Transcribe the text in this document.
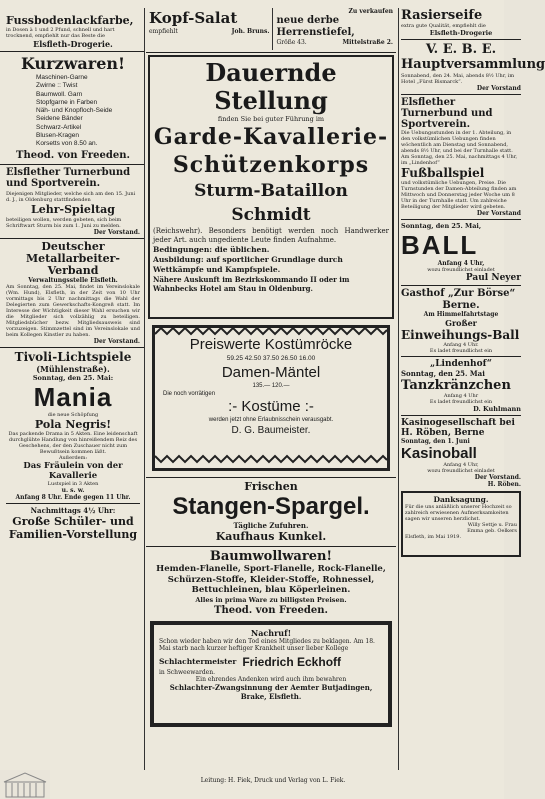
Fussbodenlackfarbe,
in Dosen à 1 und 2 Pfund, schnell und hart trocknend, empfiehlt nur das Beste die
Elsfleth-Drogerie.
Kurzwaren!
Maschinen-Garne
Zwirne :: Twist
Baumwoll. Garn
Stopfgarne in Farben
Näh- und Knopfloch-Seide
Seidene Bänder
Schwarz-Artikel
Blusen-Kragen
Korsetts von 8.50 an.
Theod. von Freeden.
Elsflether Turnerbund und Sportverein.
Diejenigen Mitglieder, welche sich am den 15. Juni d. J., in Oldenburg stattfindenden
Lehr-Spieltag
beteiligen wollen, werden gebeten, sich beim Schriftwart Sturm bis zum 1. Juni zu melden.
Der Vorstand.
Deutscher Metallarbeiter-Verband
Verwaltungsstelle Elsfleth.
Am Sonntag, den 25. Mai, findet im Vereinslokale (Wm. Hund), Elsfleth, in der Zeit von 10 Uhr vormittags bis 2 Uhr nachmittags die Wahl der Delegierten zum Gewerkschafts-Kongreß statt. Im Interesse der Wichtigkeit dieser Wahl ersuchen wir die Mitglieder sich vollzählig zu beteiligen. Mitgliedsbücher bezw. Mitgliedsausweis sind vorzuzeigen. Stimmzettel sind im Vereinslokale und beim Kollegen Kinstler zu haben.
Der Vorstand.
Tivoli-Lichtspiele
(Mühlenstraße).
Sonntag, den 25. Mai:
Mania
die neue Schöpfung
Pola Negris!
Das packende Drama in 5 Akten. Eine leidenschaft durchglühte Handlung von hinreißendem Reiz des Geschehens, der den Zuschauer nicht zum Bewußtsein kommen läßt.
Außerdem:
Das Fräulein von der Kavallerie
Lustspiel in 3 Akten
u. s. w.
Anfang 8 Uhr. Ende gegen 11 Uhr.
Nachmittags 4½ Uhr:
Große Schüler- und Familien-Vorstellung
Kopf-Salat
empfiehlt	Joh. Bruns.
Zu verkaufen
neue derbe Herrenstiefel,
Größe 43.	Mittelstraße 2.
Dauernde Stellung
finden Sie bei guter Führung im
Garde-Kavallerie-
Schützenkorps
Sturm-Bataillon Schmidt
(Reichswehr). Besonders benötigt werden noch Handwerker jeder Art. auch ungediente Leute finden Aufnahme.
Bedingungen: die üblichen.
Ausbildung: auf sportlicher Grundlage durch Wettkämpfe und Kampfspiele.
Nähere Auskunft im Bezirkskommando II oder im Wahnbecks Hotel am Stau in Oldenburg.
Preiswerte Kostümröcke
59.25 42.50 37.50 26.50 16.00
Damen-Mäntel
135.— 120.—
Die noch vorrätigen
:- Kostüme :-
werden jetzt ohne Erlaubnisschein verausgabt.
D. G. Baumeister.
Frischen
Stangen-Spargel.
Tägliche Zufuhren.
Kaufhaus Kunkel.
Baumwollwaren!
Hemden-Flanelle, Sport-Flanelle, Rock-Flanelle, Schürzen-Stoffe, Kleider-Stoffe, Rohnessel, Bettuchleinen, blau Köperleinen.
Alles in prima Ware zu billigsten Preisen.
Theod. von Freeden.
Nachruf!
Schon wieder haben wir den Tod eines Mitgliedes zu beklagen. Am 18. Mai starb nach kurzer heftiger Krankheit unser lieber Kollege
Schlachtermeister Friedrich Eckhoff
in Schweewarden.
Ein ehrendes Andenken wird auch ihm bewahren
Schlachter-Zwangsinnung der Aemter Butjadingen, Brake, Elsfleth.
Leitung: H. Fiek, Druck und Verlag von L. Fiek.
Rasierseife
extra gute Qualität, empfiehlt die
Elsfleth-Drogerie
V. E. B. E.
Hauptversammlung
Sonnabend, den 24. Mai, abends 8½ Uhr, im Hotel „Fürst Bismarck“.
Der Vorstand
Elsflether Turnerbund und Sportverein.
Die Uebungsstunden in der 1. Abteilung, in den volkstümlichen Uebungen finden wöchentlich am Dienstag und Sonnabend, abends 8½ Uhr, und bei der Turnhalle statt. Am Sonntag, den 25. Mai, nachmittags 4 Uhr, im „Lindenhof“
Fußballspiel
und volkstümliche Uebungen, Preise. Die Turnstunden der Damen-Abteilung finden am Mittwoch und Donnerstag jeder Woche um 8 Uhr in der Turnhalle statt. Um zahlreiche Beteiligung der Mitglieder wird gebeten.
Der Vorstand
Sonntag, den 25. Mai,
BALL
Anfang 4 Uhr,
wozu freundlichst einladet
Paul Neyer
Gasthof „Zur Börse“
Berne.
Am Himmelfahrtstage
Großer
Einweihungs-Ball
Anfang 4 Uhr.
Es ladet freundlichst ein
„Lindenhof“
Sonntag, den 25. Mai
Tanzkränzchen
Anfang 4 Uhr
Es ladet freundlichst ein
D. Kuhlmann
Kasinogesellschaft bei H. Röben, Berne
Sonntag, den 1. Juni
Kasinoball
Anfang 4 Uhr,
wozu freundlichst einladet
Der Vorstand.
H. Röben.
Danksagung.
Für die uns anläßlich unserer Hochzeit so zahlreich erwiesenen Aufmerksamkeiten sagen wir unseren herzlichst.
Willy Settje u. Frau
Emma geb. Oelkers
Elsfleth, im Mai 1919.
